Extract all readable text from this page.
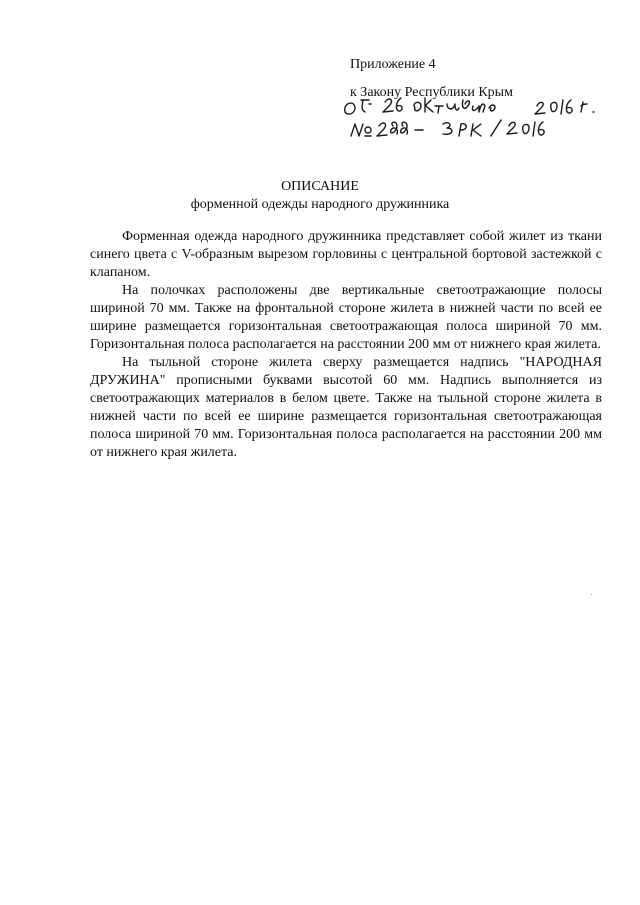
Приложение 4
к Закону Республики Крым
ОПИСАНИЕ
форменной одежды народного дружинника

Форменная одежда народного дружинника представляет собой жилет из ткани синего цвета с V-образным вырезом горловины с центральной бортовой застежкой с клапаном.

На полочках расположены две вертикальные светоотражающие полосы шириной 70 мм. Также на фронтальной стороне жилета в нижней части по всей ее ширине размещается горизонтальная светоотражающая полоса шириной 70 мм. Горизонтальная полоса располагается на расстоянии 200 мм от нижнего края жилета.

На тыльной стороне жилета сверху размещается надпись "НАРОДНАЯ ДРУЖИНА" прописными буквами высотой 60 мм. Надпись выполняется из светоотражающих материалов в белом цвете. Также на тыльной стороне жилета в нижней части по всей ее ширине размещается горизонтальная светоотражающая полоса шириной 70 мм. Горизонтальная полоса располагается на расстоянии 200 мм от нижнего края жилета.
